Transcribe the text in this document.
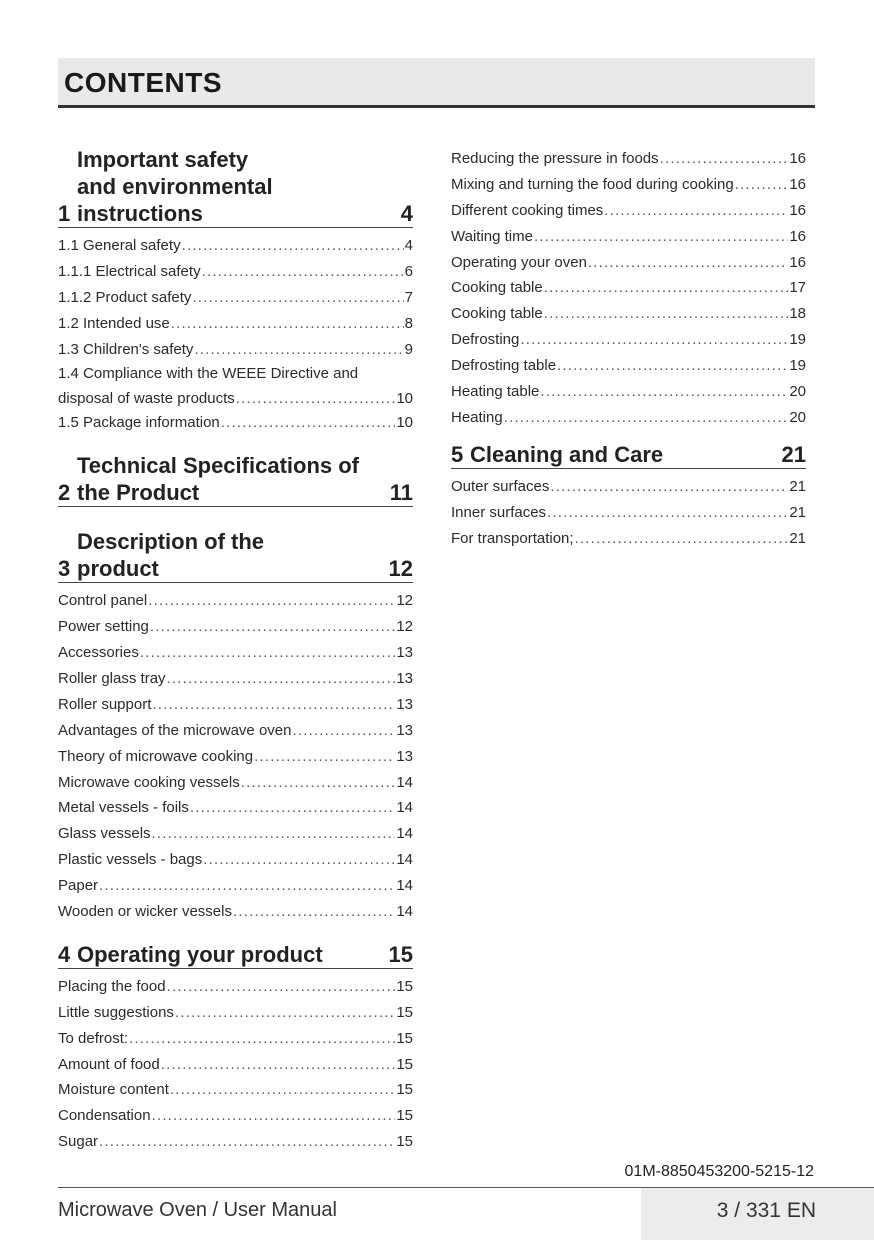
CONTENTS
1
Important safety
and environmental
instructions	4
1.1 General safety .....	4
1.1.1 Electrical safety .....	6
1.1.2 Product safety .....	7
1.2 Intended use .....	8
1.3 Children's safety .....	9
1.4 Compliance with the WEEE Directive and
disposal of waste products .....	10
1.5 Package information .....	10
2
Technical Specifications of
the Product	11
3
Description of the
product	12
Control panel .....	12
Power setting .....	12
Accessories .....	13
Roller glass tray .....	13
Roller support .....	13
Advantages of the microwave oven .....	13
Theory of microwave cooking .....	13
Microwave cooking vessels .....	14
Metal vessels - foils .....	14
Glass vessels .....	14
Plastic vessels - bags .....	14
Paper .....	14
Wooden or wicker vessels .....	14
4 Operating your product	15
Placing the food .....	15
Little suggestions .....	15
To defrost: .....	15
Amount of food .....	15
Moisture content .....	15
Condensation .....	15
Sugar .....	15
Reducing the pressure in foods .....	16
Mixing and turning the food during cooking .....	16
Different cooking times .....	16
Waiting time .....	16
Operating your oven .....	16
Cooking table .....	17
Cooking table .....	18
Defrosting .....	19
Defrosting table .....	19
Heating table .....	20
Heating .....	20
5 Cleaning and Care	21
Outer surfaces .....	21
Inner surfaces .....	21
For transportation; .....	21
01M-8850453200-5215-12
Microwave Oven / User Manual	3 / 331 EN
